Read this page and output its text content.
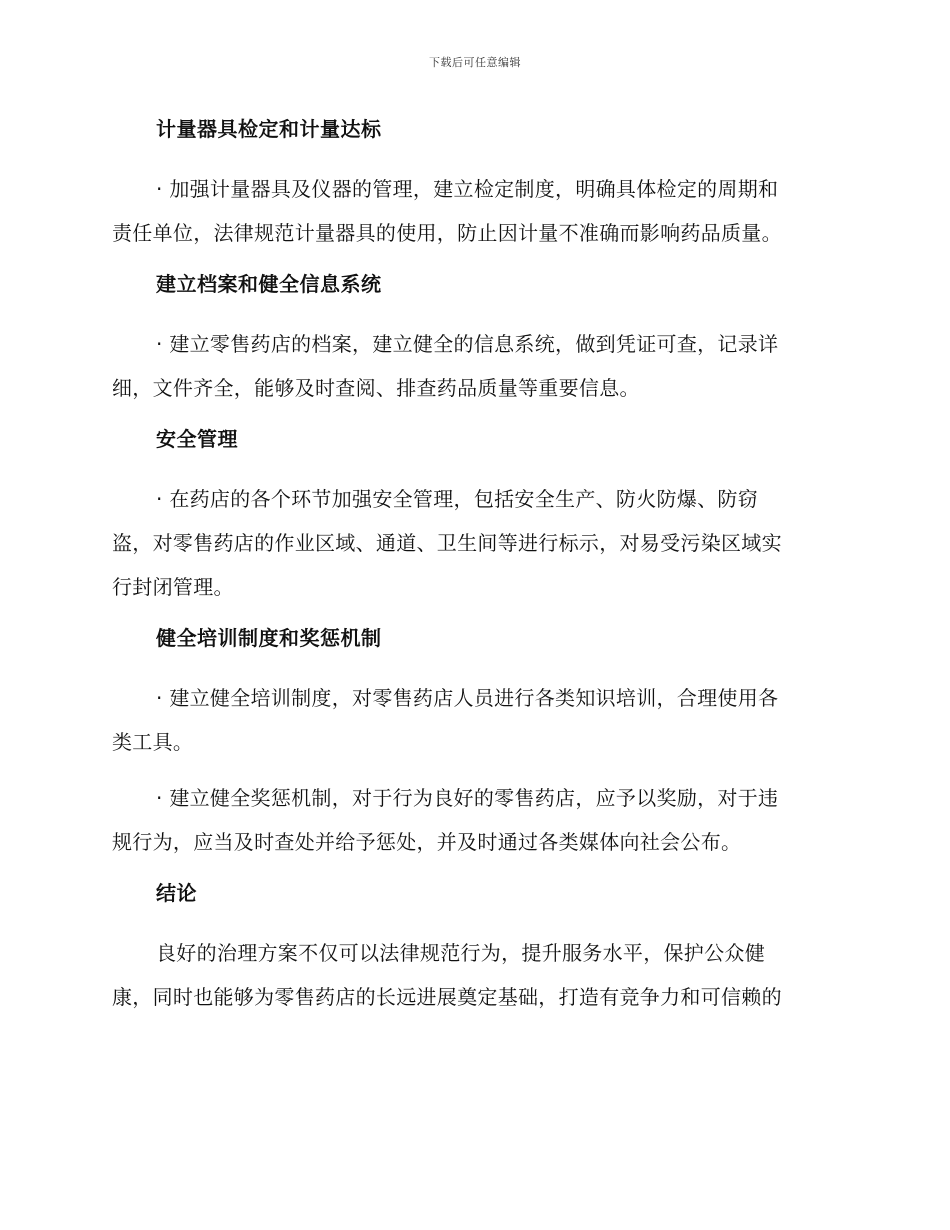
下载后可任意编辑
计量器具检定和计量达标
· 加强计量器具及仪器的管理，建立检定制度，明确具体检定的周期和
责任单位，法律规范计量器具的使用，防止因计量不准确而影响药品质量。
建立档案和健全信息系统
· 建立零售药店的档案，建立健全的信息系统，做到凭证可查，记录详
细，文件齐全，能够及时查阅、排查药品质量等重要信息。
安全管理
· 在药店的各个环节加强安全管理，包括安全生产、防火防爆、防窃
盗，对零售药店的作业区域、通道、卫生间等进行标示，对易受污染区域实
行封闭管理。
健全培训制度和奖惩机制
· 建立健全培训制度，对零售药店人员进行各类知识培训，合理使用各
类工具。
· 建立健全奖惩机制，对于行为良好的零售药店，应予以奖励，对于违
规行为，应当及时查处并给予惩处，并及时通过各类媒体向社会公布。
结论
良好的治理方案不仅可以法律规范行为，提升服务水平，保护公众健
康，同时也能够为零售药店的长远进展奠定基础，打造有竞争力和可信赖的
